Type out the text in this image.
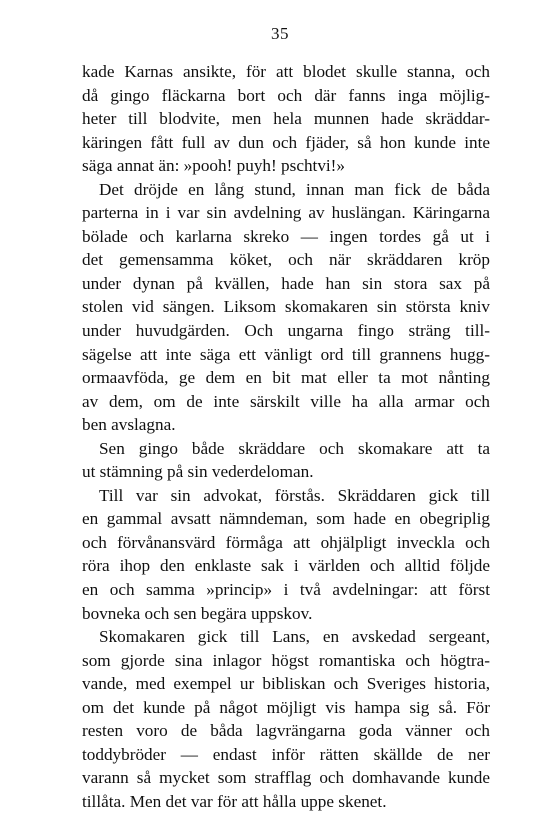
35
kade Karnas ansikte, för att blodet skulle stanna, och
då gingo fläckarna bort och där fanns inga möjlig-
heter till blodvite, men hela munnen hade skräddar-
käringen fått full av dun och fjäder, så hon kunde inte
säga annat än: »pooh! puyh! pschtvi!»
Det dröjde en lång stund, innan man fick de båda
parterna in i var sin avdelning av huslängan. Käringarna
bölade och karlarna skreko — ingen tordes gå ut i
det gemensamma köket, och när skräddaren kröp
under dynan på kvällen, hade han sin stora sax på
stolen vid sängen. Liksom skomakaren sin största kniv
under huvudgärden. Och ungarna fingo sträng till-
sägelse att inte säga ett vänligt ord till grannens hugg-
ormaavföda, ge dem en bit mat eller ta mot nånting
av dem, om de inte särskilt ville ha alla armar och
ben avslagna.
Sen gingo både skräddare och skomakare att ta
ut stämning på sin vederdeloman.
Till var sin advokat, förstås. Skräddaren gick till
en gammal avsatt nämndeman, som hade en obegriplig
och förvånansvärd förmåga att ohjälpligt inveckla och
röra ihop den enklaste sak i världen och alltid följde
en och samma »princip» i två avdelningar: att först
bovneka och sen begära uppskov.
Skomakaren gick till Lans, en avskedad sergeant,
som gjorde sina inlagor högst romantiska och högtra-
vande, med exempel ur bibliskan och Sveriges historia,
om det kunde på något möjligt vis hampa sig så. För
resten voro de båda lagvrängarna goda vänner och
toddybröder — endast inför rätten skällde de ner
varann så mycket som strafflag och domhavande kunde
tillåta. Men det var för att hålla uppe skenet.
